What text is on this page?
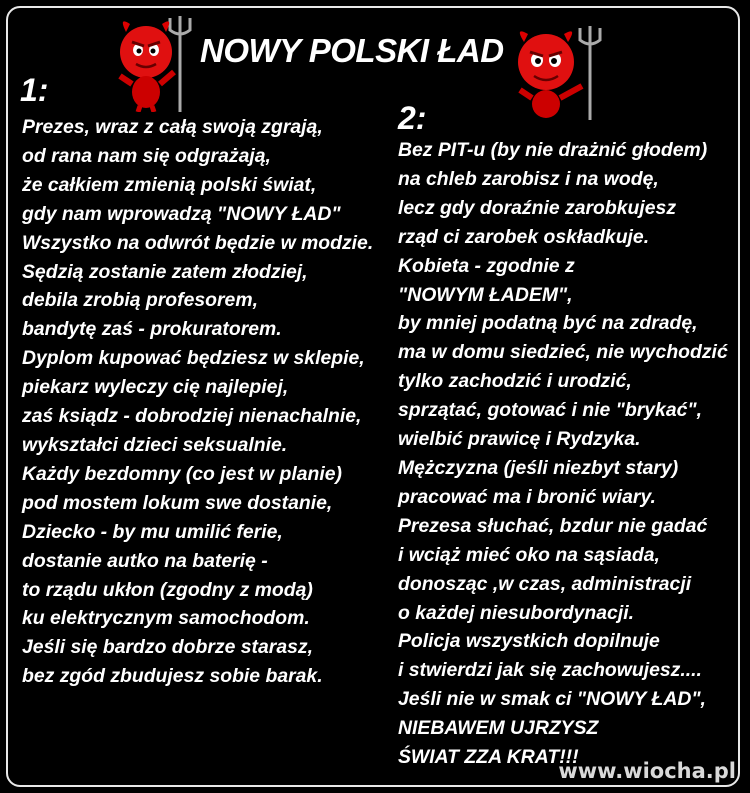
NOWY POLSKI ŁAD
1:
2:
Prezes, wraz z całą swoją zgrają,
od rana nam się odgrażają,
że całkiem zmienią polski świat,
gdy nam wprowadzą "NOWY ŁAD"
Wszystko na odwrót będzie w modzie.
Sędzią zostanie zatem złodziej,
debila zrobią profesorem,
bandytę zaś - prokuratorem.
Dyplom kupować będziesz w sklepie,
piekarz wyleczy cię najlepiej,
zaś ksiądz - dobrodziej nienachalnie,
wykształci dzieci seksualnie.
Każdy bezdomny (co jest w planie)
pod mostem lokum swe dostanie,
Dziecko - by mu umilić ferie,
dostanie autko na baterię -
to rządu ukłon (zgodny z modą)
ku elektrycznym samochodom.
Jeśli się bardzo dobrze starasz,
bez zgód zbudujesz sobie barak.
Bez PIT-u (by nie drażnić głodem)
na chleb zarobisz i na wodę,
lecz gdy doraźnie zarobkujesz
rząd ci zarobek oskładkuje.
Kobieta - zgodnie z
"NOWYM ŁADEM",
by mniej podatną być na zdradę,
ma w domu siedzieć, nie wychodzić
tylko zachodzić i urodzić,
sprzątać, gotować i nie "brykać",
wielbić prawicę i Rydzyka.
Mężczyzna (jeśli niezbyt stary)
pracować ma i bronić wiary.
Prezesa słuchać, bzdur nie gadać
i wciąż mieć oko na sąsiada,
donosząc ,w czas, administracji
o każdej niesubordynacji.
Policja wszystkich dopilnuje
i stwierdzi jak się zachowujesz....
Jeśli nie w smak ci "NOWY ŁAD",
NIEBAWEM UJRZYSZ
ŚWIAT ZZA KRAT!!!
www.wiocha.pl
